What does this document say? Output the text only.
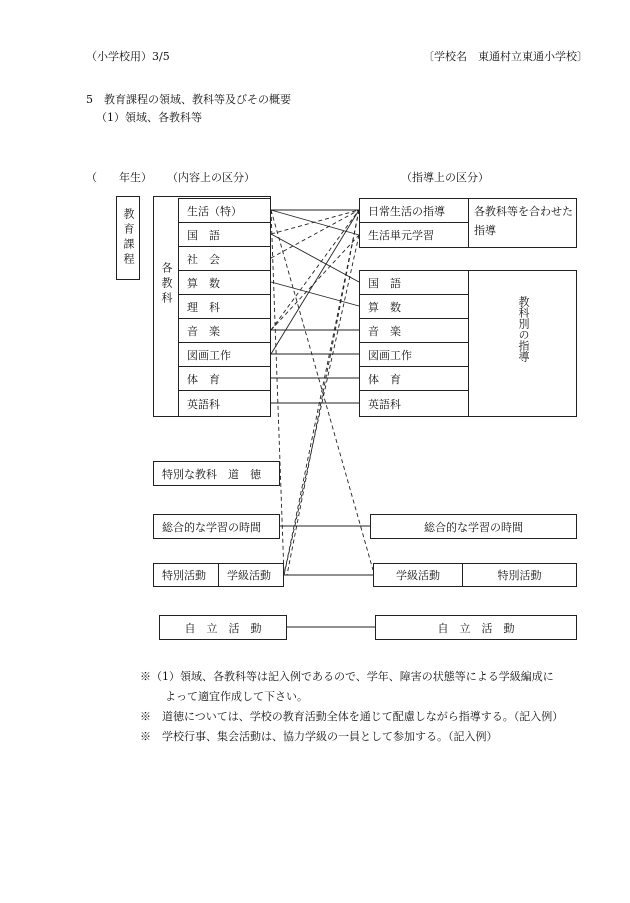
（小学校用）3/5	〔学校名　東通村立東通小学校〕
5　教育課程の領域、教科等及びその概要
（1）領域、各教科等
（　　年生） （内容上の区分）	（指導上の区分）
教育課程
各教科
生活（特）
国　語
社　会
算　数
理　科
音　楽
図画工作
体　育
英語科
日常生活の指導
生活単元学習
各教科等を合わせた指導
国　語
算　数
音　楽
図画工作
体　育
英語科
教科別の指導
特別な教科　道　徳
総合的な学習の時間	総合的な学習の時間
特別活動	学級活動	学級活動	特別活動
自　立　活　動	自　立　活　動
※（1）領域、各教科等は記入例であるので、学年、障害の状態等による学級編成に
よって適宜作成して下さい。
※　道徳については、学校の教育活動全体を通じて配慮しながら指導する。（記入例）
※　学校行事、集会活動は、協力学級の一員として参加する。（記入例）
